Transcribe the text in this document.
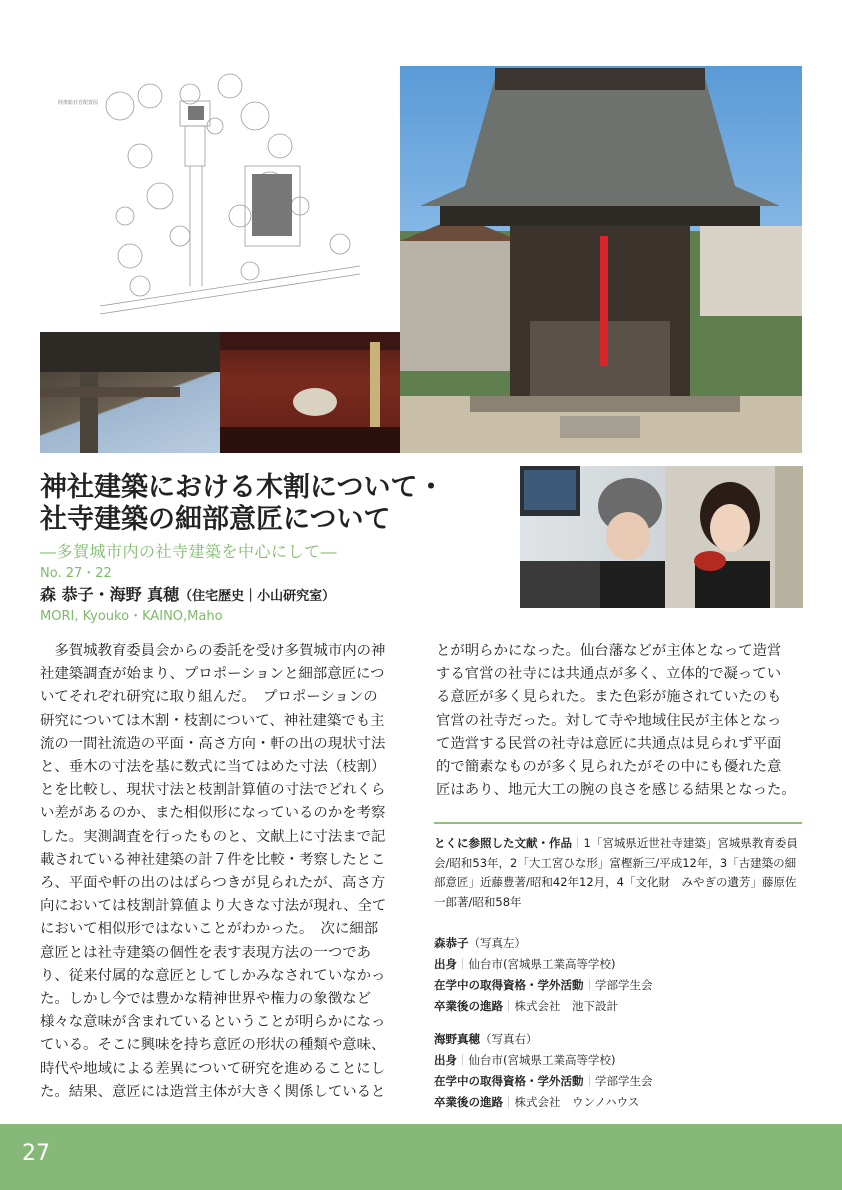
陸奥総社宮配置図
神社建築における木割について・
社寺建築の細部意匠について
―多賀城市内の社寺建築を中心にして―
No. 27・22
森 恭子・海野 真穂（住宅歴史｜小山研究室）
MORI, Kyouko・KAINO,Maho
　多賀城教育委員会からの委託を受け多賀城市内の神
社建築調査が始まり、プロポーションと細部意匠につ
いてそれぞれ研究に取り組んだ。　プロポーションの
研究については木割・枝割について、神社建築でも主
流の一間社流造の平面・高さ方向・軒の出の現状寸法
と、垂木の寸法を基に数式に当てはめた寸法（枝割）
とを比較し、現状寸法と枝割計算値の寸法でどれくら
い差があるのか、また相似形になっているのかを考察
した。実測調査を行ったものと、文献上に寸法まで記
載されている神社建築の計７件を比較・考察したとこ
ろ、平面や軒の出のはばらつきが見られたが、高さ方
向においては枝割計算値より大きな寸法が現れ、全て
において相似形ではないことがわかった。　次に細部
意匠とは社寺建築の個性を表す表現方法の一つであ
り、従来付属的な意匠としてしかみなされていなかっ
た。しかし今では豊かな精神世界や権力の象徴など
様々な意味が含まれているということが明らかになっ
ている。そこに興味を持ち意匠の形状の種類や意味、
時代や地域による差異について研究を進めることにし
た。結果、意匠には造営主体が大きく関係していると
とが明らかになった。仙台藩などが主体となって造営
する官営の社寺には共通点が多く、立体的で凝ってい
る意匠が多く見られた。また色彩が施されていたのも
官営の社寺だった。対して寺や地域住民が主体となっ
て造営する民営の社寺は意匠に共通点は見られず平面
的で簡素なものが多く見られたがその中にも優れた意
匠はあり、地元大工の腕の良さを感じる結果となった。
とくに参照した文献・作品｜1「宮城県近世社寺建築」宮城県教育委員会/昭和53年，2「大工宮ひな形」富樫新三/平成12年，3「古建築の細部意匠」近藤豊著/昭和42年12月，4「文化財　みやぎの遺芳」藤原佐一郎著/昭和58年
森恭子（写真左）
出身｜仙台市(宮城県工業高等学校)
在学中の取得資格・学外活動｜学部学生会
卒業後の進路｜株式会社　池下設計
海野真穂（写真右）
出身｜仙台市(宮城県工業高等学校)
在学中の取得資格・学外活動｜学部学生会
卒業後の進路｜株式会社　ウンノハウス
27
